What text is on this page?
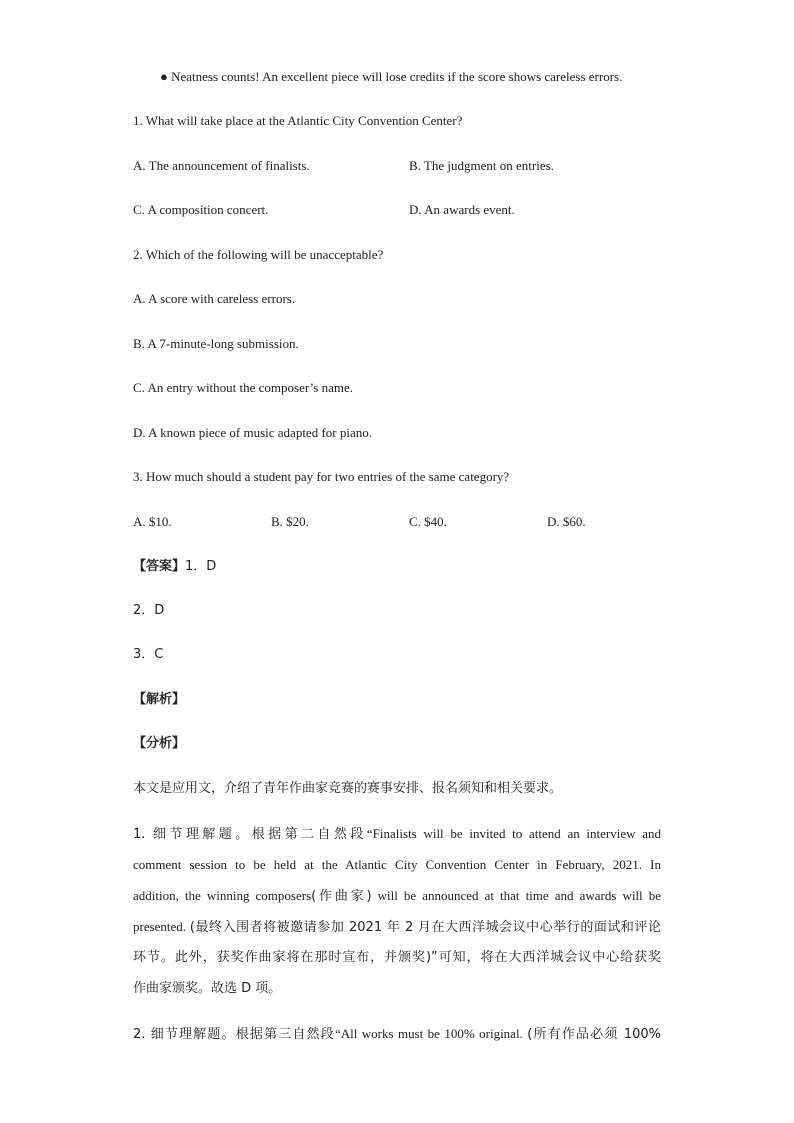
● Neatness counts! An excellent piece will lose credits if the score shows careless errors.
1. What will take place at the Atlantic City Convention Center?
A. The announcement of finalists.	B. The judgment on entries.
C. A composition concert.	D. An awards event.
2. Which of the following will be unacceptable?
A. A score with careless errors.
B. A 7-minute-long submission.
C. An entry without the composer’s name.
D. A known piece of music adapted for piano.
3. How much should a student pay for two entries of the same category?
A. $10.	B. $20.	C. $40.	D. $60.
【答案】1．D
2．D
3．C
【解析】
【分析】
本文是应用文，介绍了青年作曲家竞赛的赛事安排、报名须知和相关要求。
1. 细节理解题。根据第二自然段“Finalists will be invited to attend an interview and
comment session to be held at the Atlantic City Convention Center in February, 2021. In
addition, the winning composers(作曲家) will be announced at that time and awards will be
presented. (最终入围者将被邀请参加 2021 年 2 月在大西洋城会议中心举行的面试和评论
环节。此外，获奖作曲家将在那时宣布，并颁奖)”可知，将在大西洋城会议中心给获奖
作曲家颁奖。故选 D 项。
2. 细节理解题。根据第三自然段“All works must be 100% original. (所有作品必须 100%
